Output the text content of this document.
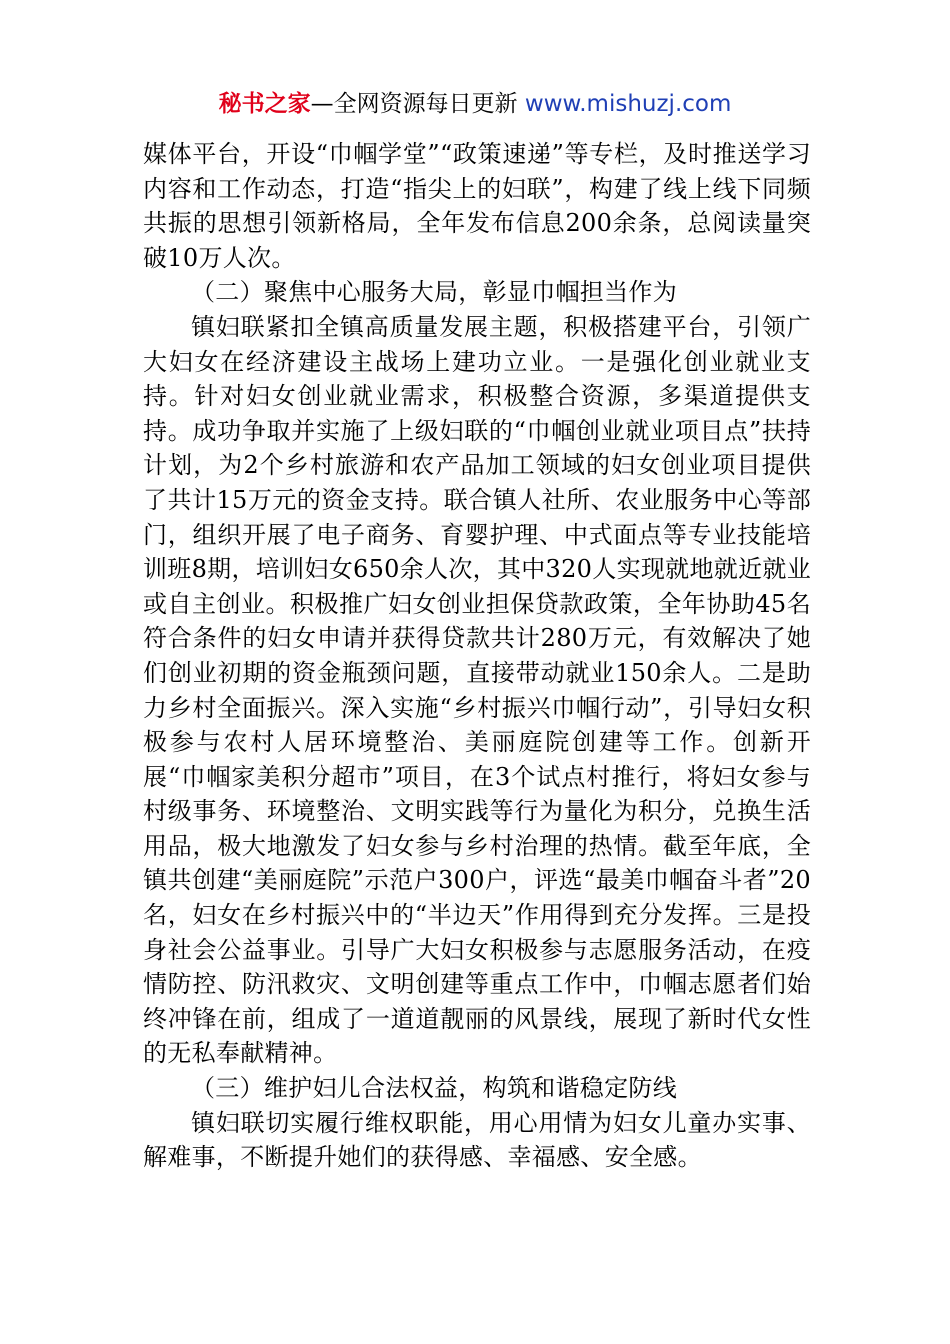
秘书之家—全网资源每日更新 www.mishuzj.com

媒体平台，开设“巾帼学堂”“政策速递”等专栏，及时推送学习内容和工作动态，打造“指尖上的妇联”，构建了线上线下同频共振的思想引领新格局，全年发布信息200余条，总阅读量突破10万人次。

（二）聚焦中心服务大局，彰显巾帼担当作为

镇妇联紧扣全镇高质量发展主题，积极搭建平台，引领广大妇女在经济建设主战场上建功立业。一是强化创业就业支持。针对妇女创业就业需求，积极整合资源，多渠道提供支持。成功争取并实施了上级妇联的“巾帼创业就业项目点”扶持计划，为2个乡村旅游和农产品加工领域的妇女创业项目提供了共计15万元的资金支持。联合镇人社所、农业服务中心等部门，组织开展了电子商务、育婴护理、中式面点等专业技能培训班8期，培训妇女650余人次，其中320人实现就地就近就业或自主创业。积极推广妇女创业担保贷款政策，全年协助45名符合条件的妇女申请并获得贷款共计280万元，有效解决了她们创业初期的资金瓶颈问题，直接带动就业150余人。二是助力乡村全面振兴。深入实施“乡村振兴巾帼行动”，引导妇女积极参与农村人居环境整治、美丽庭院创建等工作。创新开展“巾帼家美积分超市”项目，在3个试点村推行，将妇女参与村级事务、环境整治、文明实践等行为量化为积分，兑换生活用品，极大地激发了妇女参与乡村治理的热情。截至年底，全镇共创建“美丽庭院”示范户300户，评选“最美巾帼奋斗者”20名，妇女在乡村振兴中的“半边天”作用得到充分发挥。三是投身社会公益事业。引导广大妇女积极参与志愿服务活动，在疫情防控、防汛救灾、文明创建等重点工作中，巾帼志愿者们始终冲锋在前，组成了一道道靓丽的风景线，展现了新时代女性的无私奉献精神。

（三）维护妇儿合法权益，构筑和谐稳定防线

镇妇联切实履行维权职能，用心用情为妇女儿童办实事、解难事，不断提升她们的获得感、幸福感、安全感。
